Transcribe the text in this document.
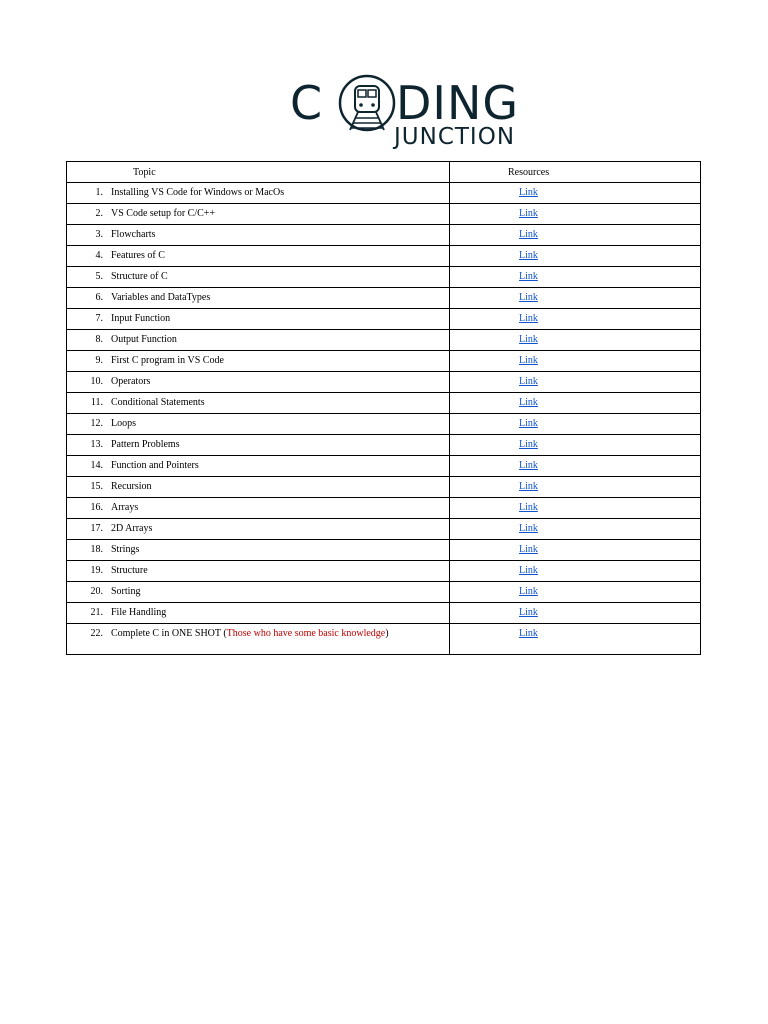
C DING
JUNCTION
Topic	Resources

1. Installing VS Code for Windows or MacOs	Link

2. VS Code setup for C/C++	Link

3. Flowcharts	Link

4. Features of C	Link

5. Structure of C	Link

6. Variables and DataTypes	Link

7. Input Function	Link

8. Output Function	Link

9. First C program in VS Code	Link

10. Operators	Link

11. Conditional Statements	Link

12. Loops	Link

13. Pattern Problems	Link

14. Function and Pointers	Link

15. Recursion	Link

16. Arrays	Link

17. 2D Arrays	Link

18. Strings	Link

19. Structure	Link

20. Sorting	Link

21. File Handling	Link

22. Complete C in ONE SHOT (Those who have some basic knowledge)	Link
